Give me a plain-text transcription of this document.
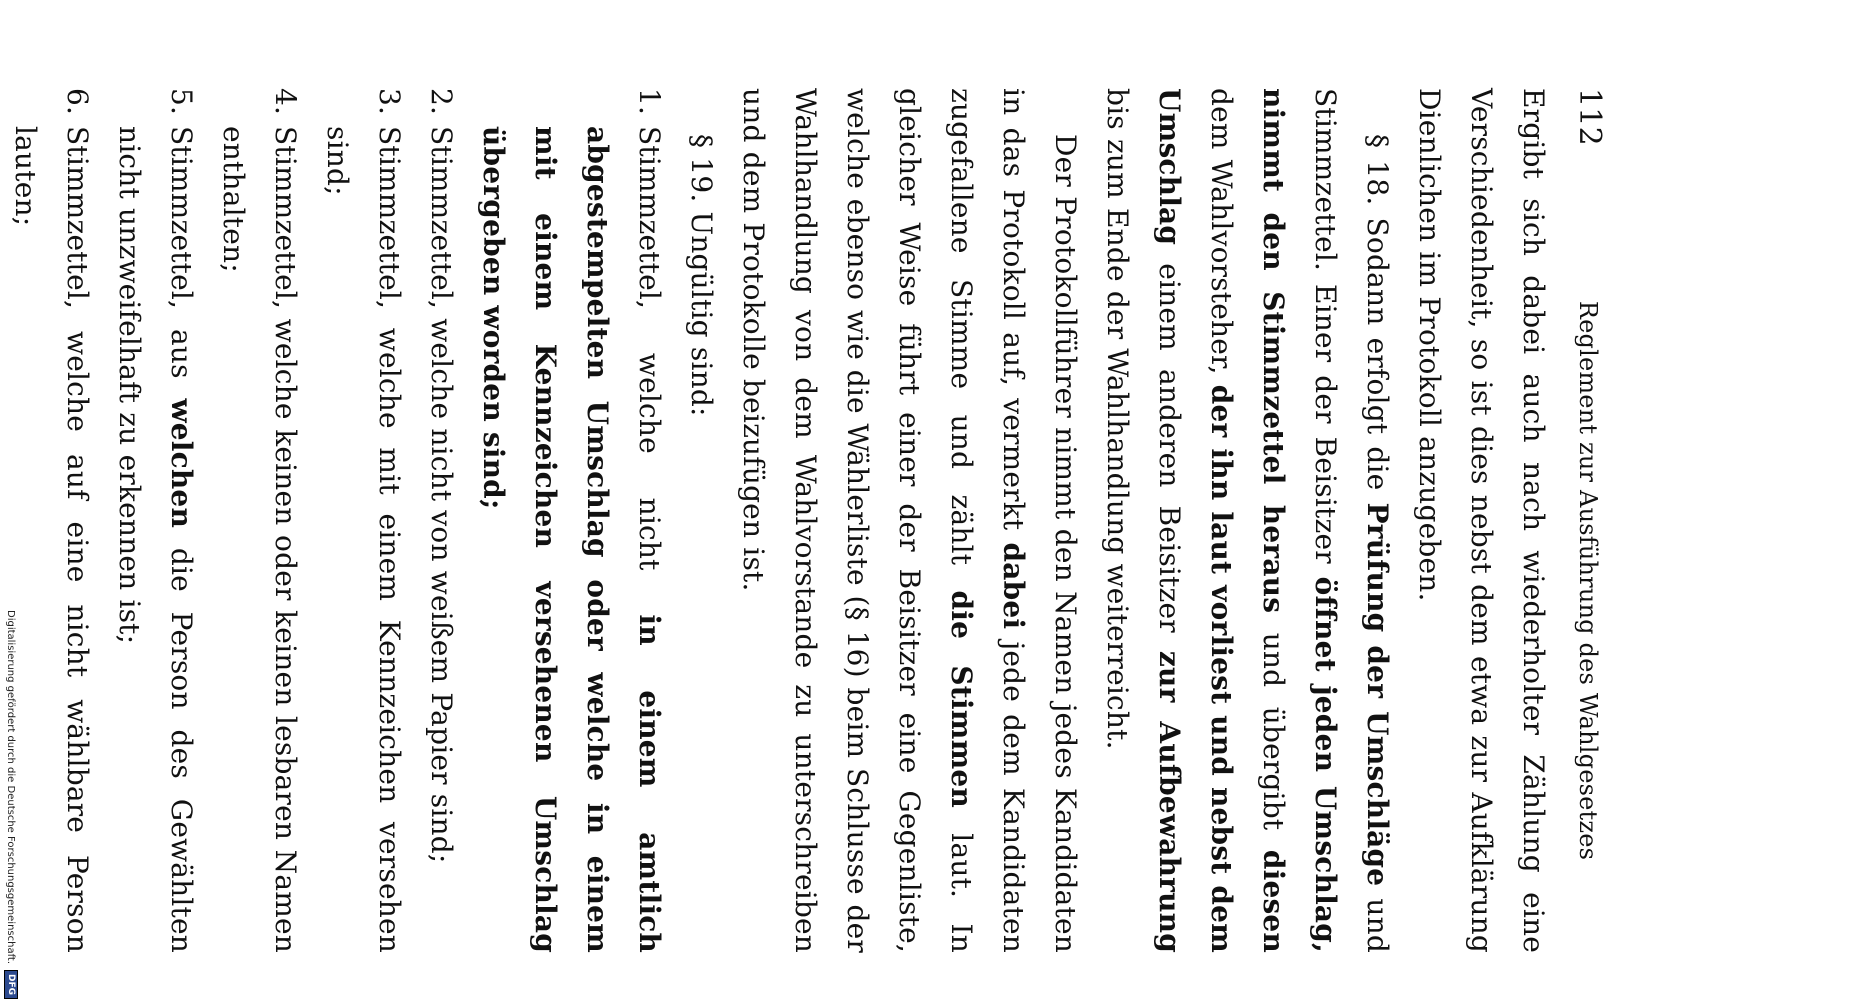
Digitalisierung gefördert durch die Deutsche Forschungsgemeinschaft.
DFG
112
Reglement zur Ausführung des Wahlgesetzes

Ergibt sich dabei auch nach wiederholter Zählung eine Verschiedenheit, so ist dies nebst dem etwa zur Aufklärung Dienlichen im Protokoll anzugeben.

§ 18. Sodann erfolgt die Prüfung der Umschläge und Stimmzettel. Einer der Beisitzer öffnet jeden Umschlag, nimmt den Stimmzettel heraus und übergibt diesen dem Wahlvorsteher, der ihn laut vorliest und nebst dem Umschlag einem anderen Beisitzer zur Aufbewahrung bis zum Ende der Wahlhandlung weiterreicht.

Der Protokollführer nimmt den Namen jedes Kandidaten in das Protokoll auf, vermerkt dabei jede dem Kandidaten zugefallene Stimme und zählt die Stimmen laut. In gleicher Weise führt einer der Beisitzer eine Gegenliste, welche ebenso wie die Wählerliste (§ 16) beim Schlusse der Wahlhandlung von dem Wahlvorstande zu unterschreiben und dem Protokolle beizufügen ist.

§ 19. Ungültig sind:

1.
Stimmzettel, welche nicht in einem amtlich abgestempelten Umschlag oder welche in einem mit einem Kennzeichen versehenen Umschlag übergeben worden sind;
2.
Stimmzettel, welche nicht von weißem Papier sind;
3.
Stimmzettel, welche mit einem Kennzeichen versehen sind;
4.
Stimmzettel, welche keinen oder keinen lesbaren Namen enthalten;
5.
Stimmzettel, aus welchen die Person des Gewählten nicht unzweifelhaft zu erkennen ist;
6.
Stimmzettel, welche auf eine nicht wählbare Person lauten;
